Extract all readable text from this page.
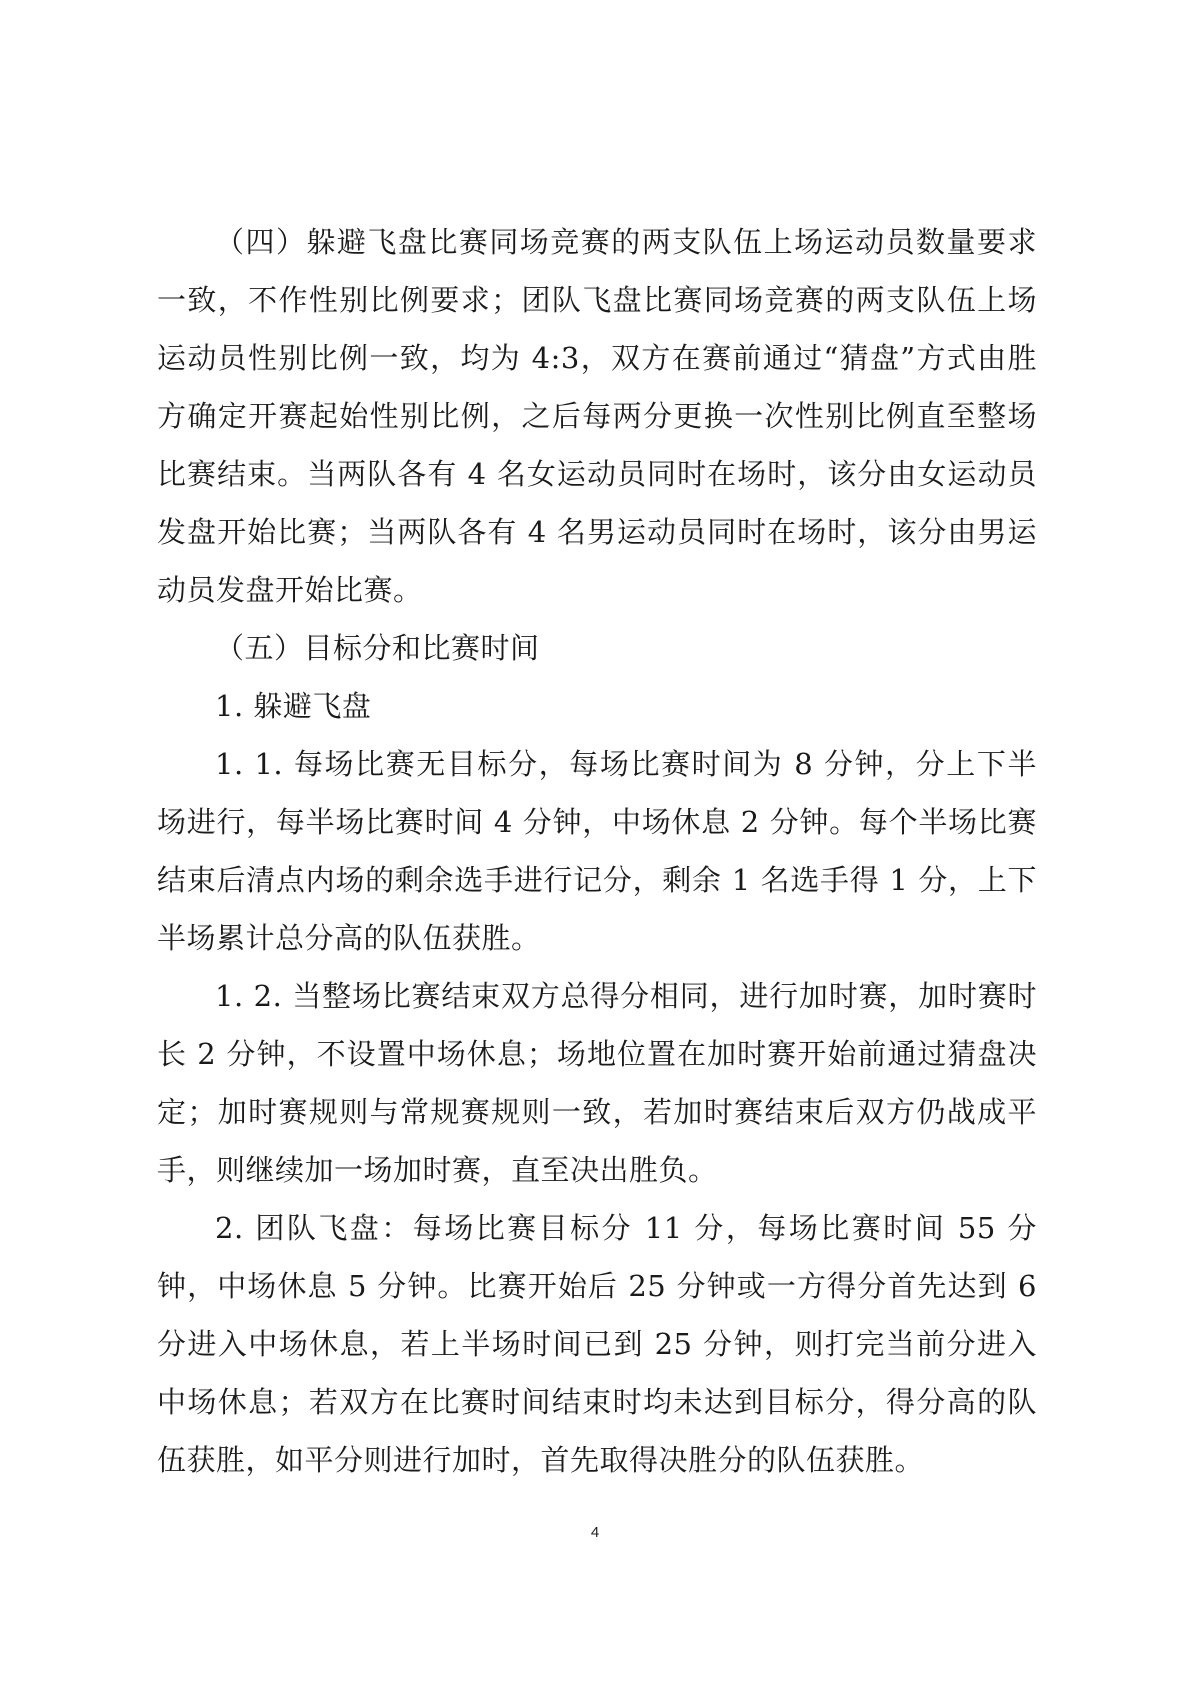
（四）躲避飞盘比赛同场竞赛的两支队伍上场运动员数量要求一致，不作性别比例要求；团队飞盘比赛同场竞赛的两支队伍上场运动员性别比例一致，均为 4:3，双方在赛前通过“猜盘”方式由胜方确定开赛起始性别比例，之后每两分更换一次性别比例直至整场比赛结束。当两队各有 4 名女运动员同时在场时，该分由女运动员发盘开始比赛；当两队各有 4 名男运动员同时在场时，该分由男运动员发盘开始比赛。

（五）目标分和比赛时间

1. 躲避飞盘

1. 1. 每场比赛无目标分，每场比赛时间为 8 分钟，分上下半场进行，每半场比赛时间 4 分钟，中场休息 2 分钟。每个半场比赛结束后清点内场的剩余选手进行记分，剩余 1 名选手得 1 分，上下半场累计总分高的队伍获胜。

1. 2. 当整场比赛结束双方总得分相同，进行加时赛，加时赛时长 2 分钟，不设置中场休息；场地位置在加时赛开始前通过猜盘决定；加时赛规则与常规赛规则一致，若加时赛结束后双方仍战成平手，则继续加一场加时赛，直至决出胜负。

2. 团队飞盘：每场比赛目标分 11 分，每场比赛时间 55 分钟，中场休息 5 分钟。比赛开始后 25 分钟或一方得分首先达到 6 分进入中场休息，若上半场时间已到 25 分钟，则打完当前分进入中场休息；若双方在比赛时间结束时均未达到目标分，得分高的队伍获胜，如平分则进行加时，首先取得决胜分的队伍获胜。

4
